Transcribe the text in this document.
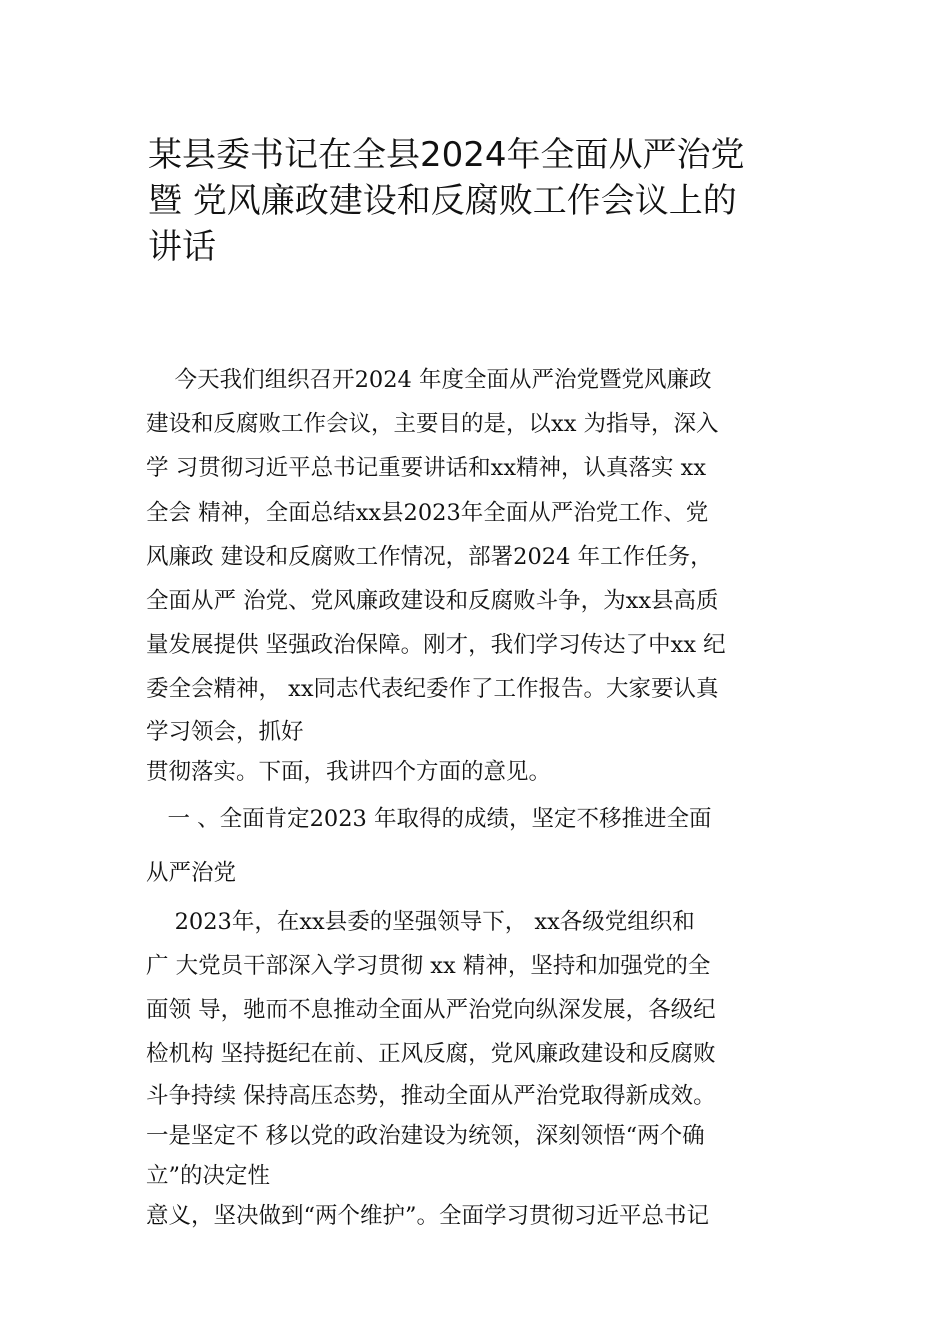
某县委书记在全县2024年全面从严治党
暨 党风廉政建设和反腐败工作会议上的
讲话
今天我们组织召开2024 年度全面从严治党暨党风廉政
建设和反腐败工作会议，主要目的是，以xx 为指导，深入
学 习贯彻习近平总书记重要讲话和xx精神，认真落实 xx
全会 精神，全面总结xx县2023年全面从严治党工作、党
风廉政 建设和反腐败工作情况，部署2024 年工作任务，
全面从严 治党、党风廉政建设和反腐败斗争，为xx县高质
量发展提供 坚强政治保障。刚才，我们学习传达了中xx 纪
委全会精神， xx同志代表纪委作了工作报告。大家要认真
学习领会，抓好
贯彻落实。下面，我讲四个方面的意见。
一 、全面肯定2023 年取得的成绩，坚定不移推进全面
从严治党
2023年，在xx县委的坚强领导下， xx各级党组织和
广 大党员干部深入学习贯彻 xx 精神，坚持和加强党的全
面领 导，驰而不息推动全面从严治党向纵深发展，各级纪
检机构 坚持挺纪在前、正风反腐，党风廉政建设和反腐败
斗争持续 保持高压态势，推动全面从严治党取得新成效。
一是坚定不 移以党的政治建设为统领，深刻领悟“两个确
立”的决定性
意义，坚决做到“两个维护”。全面学习贯彻习近平总书记
